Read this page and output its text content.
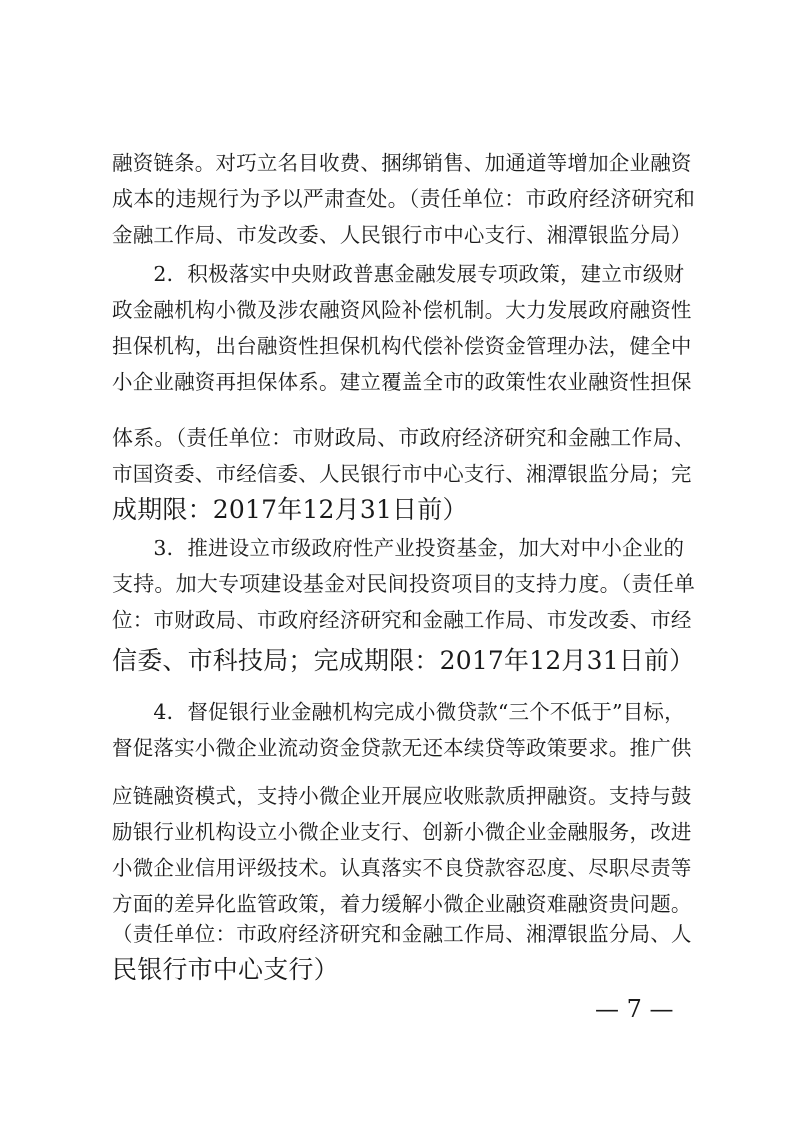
融资链条。对巧立名目收费、捆绑销售、加通道等增加企业融资
成本的违规行为予以严肃查处。（责任单位：市政府经济研究和
金融工作局、市发改委、人民银行市中心支行、湘潭银监分局）
　　2．积极落实中央财政普惠金融发展专项政策，建立市级财
政金融机构小微及涉农融资风险补偿机制。大力发展政府融资性
担保机构，出台融资性担保机构代偿补偿资金管理办法，健全中
小企业融资再担保体系。建立覆盖全市的政策性农业融资性担保
体系。（责任单位：市财政局、市政府经济研究和金融工作局、
市国资委、市经信委、人民银行市中心支行、湘潭银监分局；完
成期限：2017年12月31日前）
　　3．推进设立市级政府性产业投资基金，加大对中小企业的
支持。加大专项建设基金对民间投资项目的支持力度。（责任单
位：市财政局、市政府经济研究和金融工作局、市发改委、市经
信委、市科技局；完成期限：2017年12月31日前）
　　4．督促银行业金融机构完成小微贷款“三个不低于”目标，
督促落实小微企业流动资金贷款无还本续贷等政策要求。推广供
应链融资模式，支持小微企业开展应收账款质押融资。支持与鼓
励银行业机构设立小微企业支行、创新小微企业金融服务，改进
小微企业信用评级技术。认真落实不良贷款容忍度、尽职尽责等
方面的差异化监管政策，着力缓解小微企业融资难融资贵问题。
（责任单位：市政府经济研究和金融工作局、湘潭银监分局、人
民银行市中心支行）
— 7 —
